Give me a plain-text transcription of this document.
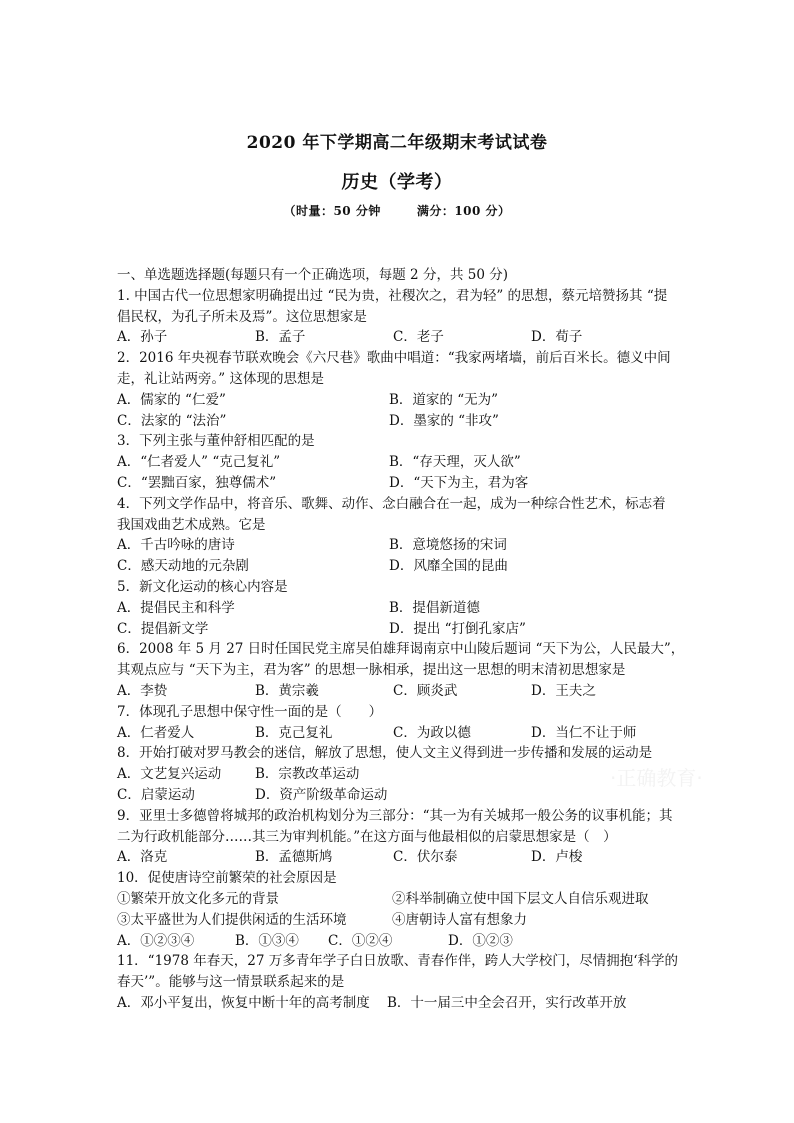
2020 年下学期高二年级期末考试试卷
历史（学考）
（时量：50 分钟	满分：100 分）
一、单选题选择题(每题只有一个正确选项，每题 2 分，共 50 分)
1. 中国古代一位思想家明确提出过 “民为贵，社稷次之，君为轻” 的思想，蔡元培赞扬其 “提
倡民权，为孔子所未及焉”。这位思想家是
A．孙子	B．孟子	C．老子	D．荀子
2．2016 年央视春节联欢晚会《六尺巷》歌曲中唱道：“我家两堵墙，前后百米长。德义中间
走，礼让站两旁。” 这体现的思想是
A．儒家的 “仁爱”	B．道家的 “无为”
C．法家的 “法治”	D．墨家的 “非攻”
3．下列主张与董仲舒相匹配的是
A．“仁者爱人” “克己复礼”	B．“存天理，灭人欲”
C．“罢黜百家，独尊儒术”	D．“天下为主，君为客
4．下列文学作品中，将音乐、歌舞、动作、念白融合在一起，成为一种综合性艺术，标志着
我国戏曲艺术成熟。它是
A．千古吟咏的唐诗	B．意境悠扬的宋词
C．感天动地的元杂剧	D．风靡全国的昆曲
5．新文化运动的核心内容是
A．提倡民主和科学	B．提倡新道德
C．提倡新文学	D．提出 “打倒孔家店”
6．2008 年 5 月 27 日时任国民党主席吴伯雄拜谒南京中山陵后题词 “天下为公，人民最大”，
其观点应与 “天下为主，君为客” 的思想一脉相承，提出这一思想的明末清初思想家是
A．李贽	B．黄宗羲	C．顾炎武	D．王夫之
7．体现孔子思想中保守性一面的是（　　）
A．仁者爱人	B．克己复礼	C．为政以德	D．当仁不让于师
8．开始打破对罗马教会的迷信，解放了思想，使人文主义得到进一步传播和发展的运动是
A．文艺复兴运动	B．宗教改革运动
C．启蒙运动	D．资产阶级革命运动
9．亚里士多德曾将城邦的政治机构划分为三部分：“其一为有关城邦一般公务的议事机能；其
二为行政机能部分……其三为审判机能。”在这方面与他最相似的启蒙思想家是（　）
A．洛克	B．孟德斯鸠	C．伏尔泰	D．卢梭
10．促使唐诗空前繁荣的社会原因是
①繁荣开放文化多元的背景	②科举制确立使中国下层文人自信乐观进取
③太平盛世为人们提供闲适的生活环境	④唐朝诗人富有想象力
A．①②③④	B．①③④	C．①②④	D．①②③
11．“1978 年春天，27 万多青年学子白日放歌、青春作伴，跨人大学校门，尽情拥抱‘科学的
春天’”。能够与这一情景联系起来的是
A．邓小平复出，恢复中断十年的高考制度	B．十一届三中全会召开，实行改革开放
·正确教育·
